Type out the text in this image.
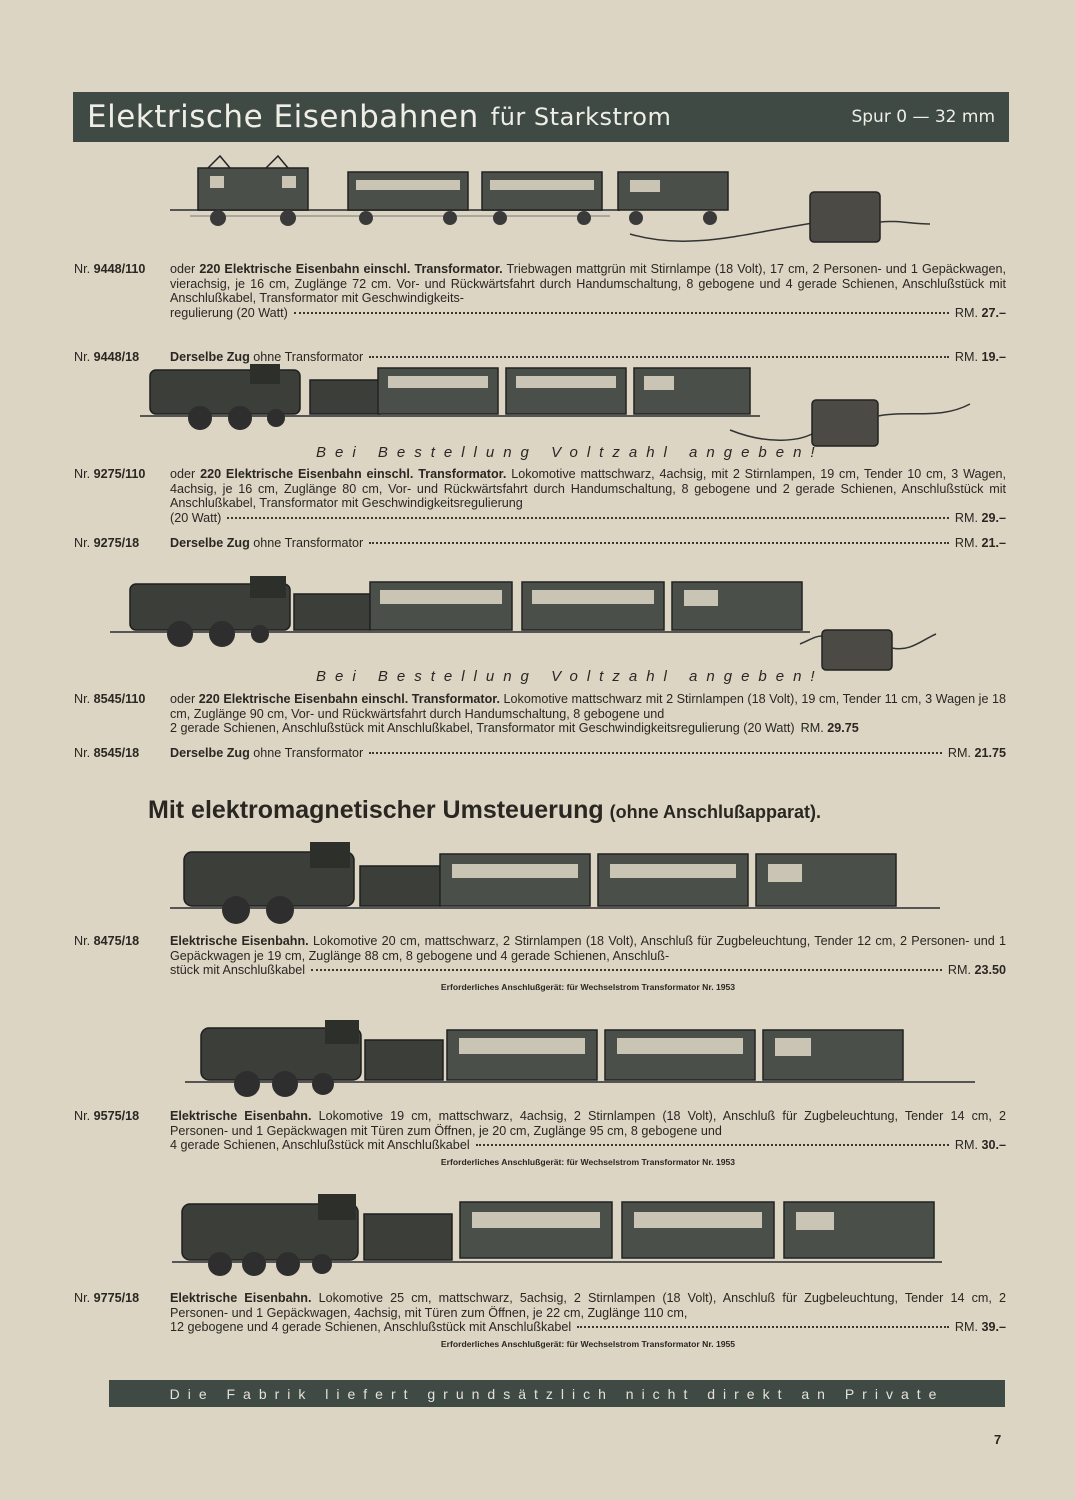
Elektrische Eisenbahnen für Starkstrom	Spur 0 — 32 mm
Nr. 9448/110	oder 220 Elektrische Eisenbahn einschl. Transformator. Triebwagen mattgrün mit Stirnlampe (18 Volt), 17 cm, 2 Personen- und 1 Gepäckwagen, vierachsig, je 16 cm, Zuglänge 72 cm. Vor- und Rückwärtsfahrt durch Handumschaltung, 8 gebogene und 4 gerade Schienen, Anschlußstück mit Anschlußkabel, Transformator mit Geschwindigkeits-
regulierung (20 Watt)	RM. 27.–
Nr. 9448/18	Derselbe Zug ohne Transformator	RM. 19.–
Bei Bestellung Voltzahl angeben!
Nr. 9275/110	oder 220 Elektrische Eisenbahn einschl. Transformator. Lokomotive mattschwarz, 4achsig, mit 2 Stirnlampen, 19 cm, Tender 10 cm, 3 Wagen, 4achsig, je 16 cm, Zuglänge 80 cm, Vor- und Rückwärtsfahrt durch Handumschaltung, 8 gebogene und 2 gerade Schienen, Anschlußstück mit Anschlußkabel, Transformator mit Geschwindigkeitsregulierung
(20 Watt)	RM. 29.–
Nr. 9275/18	Derselbe Zug ohne Transformator	RM. 21.–
Bei Bestellung Voltzahl angeben!
Nr. 8545/110	oder 220 Elektrische Eisenbahn einschl. Transformator. Lokomotive mattschwarz mit 2 Stirnlampen (18 Volt), 19 cm, Tender 11 cm, 3 Wagen je 18 cm, Zuglänge 90 cm, Vor- und Rückwärtsfahrt durch Handumschaltung, 8 gebogene und
2 gerade Schienen, Anschlußstück mit Anschlußkabel, Transformator mit Geschwindigkeitsregulierung (20 Watt) RM. 29.75
Nr. 8545/18	Derselbe Zug ohne Transformator	RM. 21.75
Mit elektromagnetischer Umsteuerung (ohne Anschlußapparat).
Nr. 8475/18	Elektrische Eisenbahn. Lokomotive 20 cm, mattschwarz, 2 Stirnlampen (18 Volt), Anschluß für Zugbeleuchtung, Tender 12 cm, 2 Personen- und 1 Gepäckwagen je 19 cm, Zuglänge 88 cm, 8 gebogene und 4 gerade Schienen, Anschluß-
stück mit Anschlußkabel	RM. 23.50
Erforderliches Anschlußgerät: für Wechselstrom Transformator Nr. 1953
Nr. 9575/18	Elektrische Eisenbahn. Lokomotive 19 cm, mattschwarz, 4achsig, 2 Stirnlampen (18 Volt), Anschluß für Zugbeleuchtung, Tender 14 cm, 2 Personen- und 1 Gepäckwagen mit Türen zum Öffnen, je 20 cm, Zuglänge 95 cm, 8 gebogene und
4 gerade Schienen, Anschlußstück mit Anschlußkabel	RM. 30.–
Erforderliches Anschlußgerät: für Wechselstrom Transformator Nr. 1953
Nr. 9775/18	Elektrische Eisenbahn. Lokomotive 25 cm, mattschwarz, 5achsig, 2 Stirnlampen (18 Volt), Anschluß für Zugbeleuchtung, Tender 14 cm, 2 Personen- und 1 Gepäckwagen, 4achsig, mit Türen zum Öffnen, je 22 cm, Zuglänge 110 cm,
12 gebogene und 4 gerade Schienen, Anschlußstück mit Anschlußkabel	RM. 39.–
Erforderliches Anschlußgerät: für Wechselstrom Transformator Nr. 1955
Die Fabrik liefert grundsätzlich nicht direkt an Private
7
